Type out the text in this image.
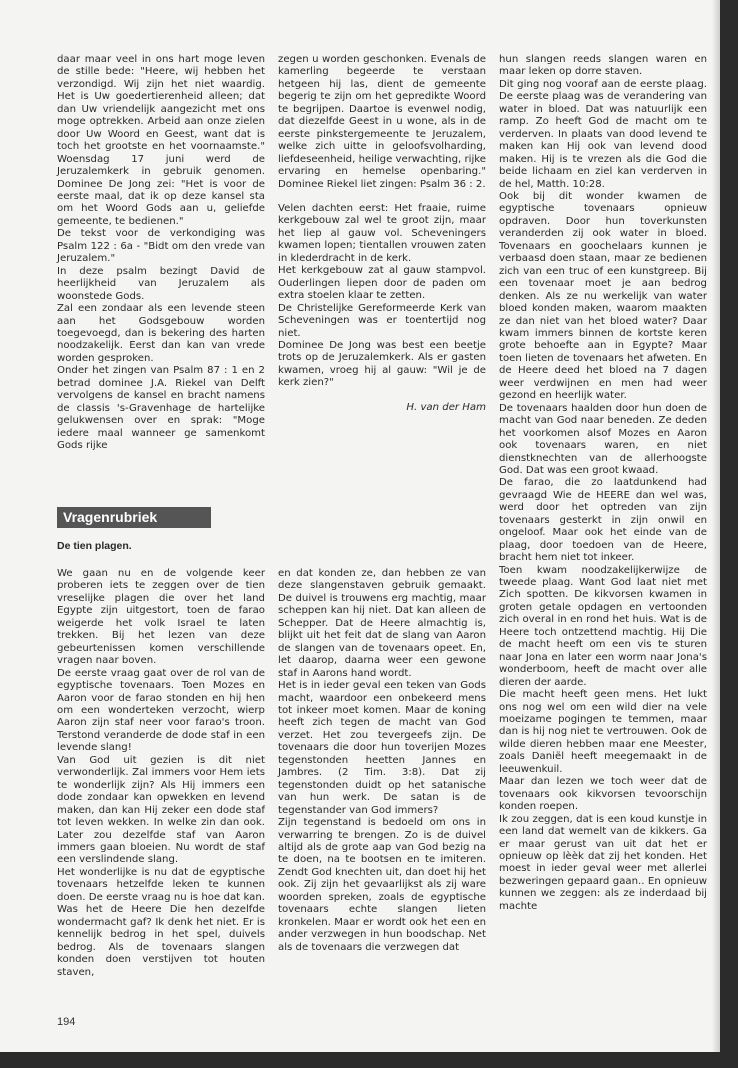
daar maar veel in ons hart moge leven de stille bede: "Heere, wij hebben het verzondigd. Wij zijn het niet waardig. Het is Uw goedertierenheid alleen; dat dan Uw vriendelijk aangezicht met ons moge optrekken. Arbeid aan onze zielen door Uw Woord en Geest, want dat is toch het grootste en het voornaamste." Woensdag 17 juni werd de Jeruzalemkerk in gebruik genomen. Dominee De Jong zei: "Het is voor de eerste maal, dat ik op deze kansel sta om het Woord Gods aan u, geliefde gemeente, te bedienen."

De tekst voor de verkondiging was Psalm 122 : 6a - "Bidt om den vrede van Jeruzalem."

In deze psalm bezingt David de heerlijkheid van Jeruzalem als woonstede Gods.

Zal een zondaar als een levende steen aan het Godsgebouw worden toegevoegd, dan is bekering des harten noodzakelijk. Eerst dan kan van vrede worden gesproken.

Onder het zingen van Psalm 87 : 1 en 2 betrad dominee J.A. Riekel van Delft vervolgens de kansel en bracht namens de classis 's-Gravenhage de hartelijke gelukwensen over en sprak: "Moge iedere maal wanneer ge samenkomt Gods rijke

zegen u worden geschonken. Evenals de kamerling begeerde te verstaan hetgeen hij las, dient de gemeente begerig te zijn om het gepredikte Woord te begrijpen. Daartoe is evenwel nodig, dat diezelfde Geest in u wone, als in de eerste pinkstergemeente te Jeruzalem, welke zich uitte in geloofsvolharding, liefdeseenheid, heilige verwachting, rijke ervaring en hemelse openbaring." Dominee Riekel liet zingen: Psalm 36 : 2.

Velen dachten eerst: Het fraaie, ruime kerkgebouw zal wel te groot zijn, maar het liep al gauw vol. Scheveningers kwamen lopen; tientallen vrouwen zaten in klederdracht in de kerk.

Het kerkgebouw zat al gauw stampvol. Ouderlingen liepen door de paden om extra stoelen klaar te zetten.

De Christelijke Gereformeerde Kerk van Scheveningen was er toentertijd nog niet.

Dominee De Jong was best een beetje trots op de Jeruzalemkerk. Als er gasten kwamen, vroeg hij al gauw: "Wil je de kerk zien?"

H. van der Ham

hun slangen reeds slangen waren en maar leken op dorre staven.

Dit ging nog vooraf aan de eerste plaag. De eerste plaag was de verandering van water in bloed. Dat was natuurlijk een ramp. Zo heeft God de macht om te verderven. In plaats van dood levend te maken kan Hij ook van levend dood maken. Hij is te vrezen als die God die beide lichaam en ziel kan verderven in de hel, Matth. 10:28.

Ook bij dit wonder kwamen de egyptische tovenaars opnieuw opdraven. Door hun toverkunsten veranderden zij ook water in bloed. Tovenaars en goochelaars kunnen je verbaasd doen staan, maar ze bedienen zich van een truc of een kunstgreep. Bij een tovenaar moet je aan bedrog denken. Als ze nu werkelijk van water bloed konden maken, waarom maakten ze dan niet van het bloed water? Daar kwam immers binnen de kortste keren grote behoefte aan in Egypte? Maar toen lieten de tovenaars het afweten. En de Heere deed het bloed na 7 dagen weer verdwijnen en men had weer gezond en heerlijk water.

De tovenaars haalden door hun doen de macht van God naar beneden. Ze deden het voorkomen alsof Mozes en Aaron ook tovenaars waren, en niet dienstknechten van de allerhoogste God. Dat was een groot kwaad.

De farao, die zo laatdunkend had gevraagd Wie de HEERE dan wel was, werd door het optreden van zijn tovenaars gesterkt in zijn onwil en ongeloof. Maar ook het einde van de plaag, door toedoen van de Heere, bracht hem niet tot inkeer.

Toen kwam noodzakelijkerwijze de tweede plaag. Want God laat niet met Zich spotten. De kikvorsen kwamen in groten getale opdagen en vertoonden zich overal in en rond het huis. Wat is de Heere toch ontzettend machtig. Hij Die de macht heeft om een vis te sturen naar Jona en later een worm naar Jona's wonderboom, heeft de macht over alle dieren der aarde.

Die macht heeft geen mens. Het lukt ons nog wel om een wild dier na vele moeizame pogingen te temmen, maar dan is hij nog niet te vertrouwen. Ook de wilde dieren hebben maar ene Meester, zoals Daniël heeft meegemaakt in de leeuwenkuil.

Maar dan lezen we toch weer dat de tovenaars ook kikvorsen tevoorschijn konden roepen.

Ik zou zeggen, dat is een koud kunstje in een land dat wemelt van de kikkers. Ga er maar gerust van uit dat het er opnieuw op lèèk dat zij het konden. Het moest in ieder geval weer met allerlei bezweringen gepaard gaan.. En opnieuw kunnen we zeggen: als ze inderdaad bij machte

Vragenrubriek
De tien plagen.

We gaan nu en de volgende keer proberen iets te zeggen over de tien vreselijke plagen die over het land Egypte zijn uitgestort, toen de farao weigerde het volk Israel te laten trekken. Bij het lezen van deze gebeurtenissen komen verschillende vragen naar boven.

De eerste vraag gaat over de rol van de egyptische tovenaars. Toen Mozes en Aaron voor de farao stonden en hij hen om een wonderteken verzocht, wierp Aaron zijn staf neer voor farao's troon. Terstond veranderde de dode staf in een levende slang!

Van God uit gezien is dit niet verwonderlijk. Zal immers voor Hem iets te wonderlijk zijn? Als Hij immers een dode zondaar kan opwekken en levend maken, dan kan Hij zeker een dode staf tot leven wekken. In welke zin dan ook. Later zou dezelfde staf van Aaron immers gaan bloeien. Nu wordt de staf een verslindende slang.

Het wonderlijke is nu dat de egyptische tovenaars hetzelfde leken te kunnen doen. De eerste vraag nu is hoe dat kan. Was het de Heere Die hen dezelfde wondermacht gaf? Ik denk het niet. Er is kennelijk bedrog in het spel, duivels bedrog. Als de tovenaars slangen konden doen verstijven tot houten staven,

en dat konden ze, dan hebben ze van deze slangenstaven gebruik gemaakt. De duivel is trouwens erg machtig, maar scheppen kan hij niet. Dat kan alleen de Schepper. Dat de Heere almachtig is, blijkt uit het feit dat de slang van Aaron de slangen van de tovenaars opeet. En, let daarop, daarna weer een gewone staf in Aarons hand wordt.

Het is in ieder geval een teken van Gods macht, waardoor een onbekeerd mens tot inkeer moet komen. Maar de koning heeft zich tegen de macht van God verzet. Het zou tevergeefs zijn. De tovenaars die door hun toverijen Mozes tegenstonden heetten Jannes en Jambres. (2 Tim. 3:8). Dat zij tegenstonden duidt op het satanische van hun werk. De satan is de tegenstander van God immers?

Zijn tegenstand is bedoeld om ons in verwarring te brengen. Zo is de duivel altijd als de grote aap van God bezig na te doen, na te bootsen en te imiteren. Zendt God knechten uit, dan doet hij het ook. Zij zijn het gevaarlijkst als zij ware woorden spreken, zoals de egyptische tovenaars echte slangen lieten kronkelen. Maar er wordt ook het een en ander verzwegen in hun boodschap. Net als de tovenaars die verzwegen dat

194
